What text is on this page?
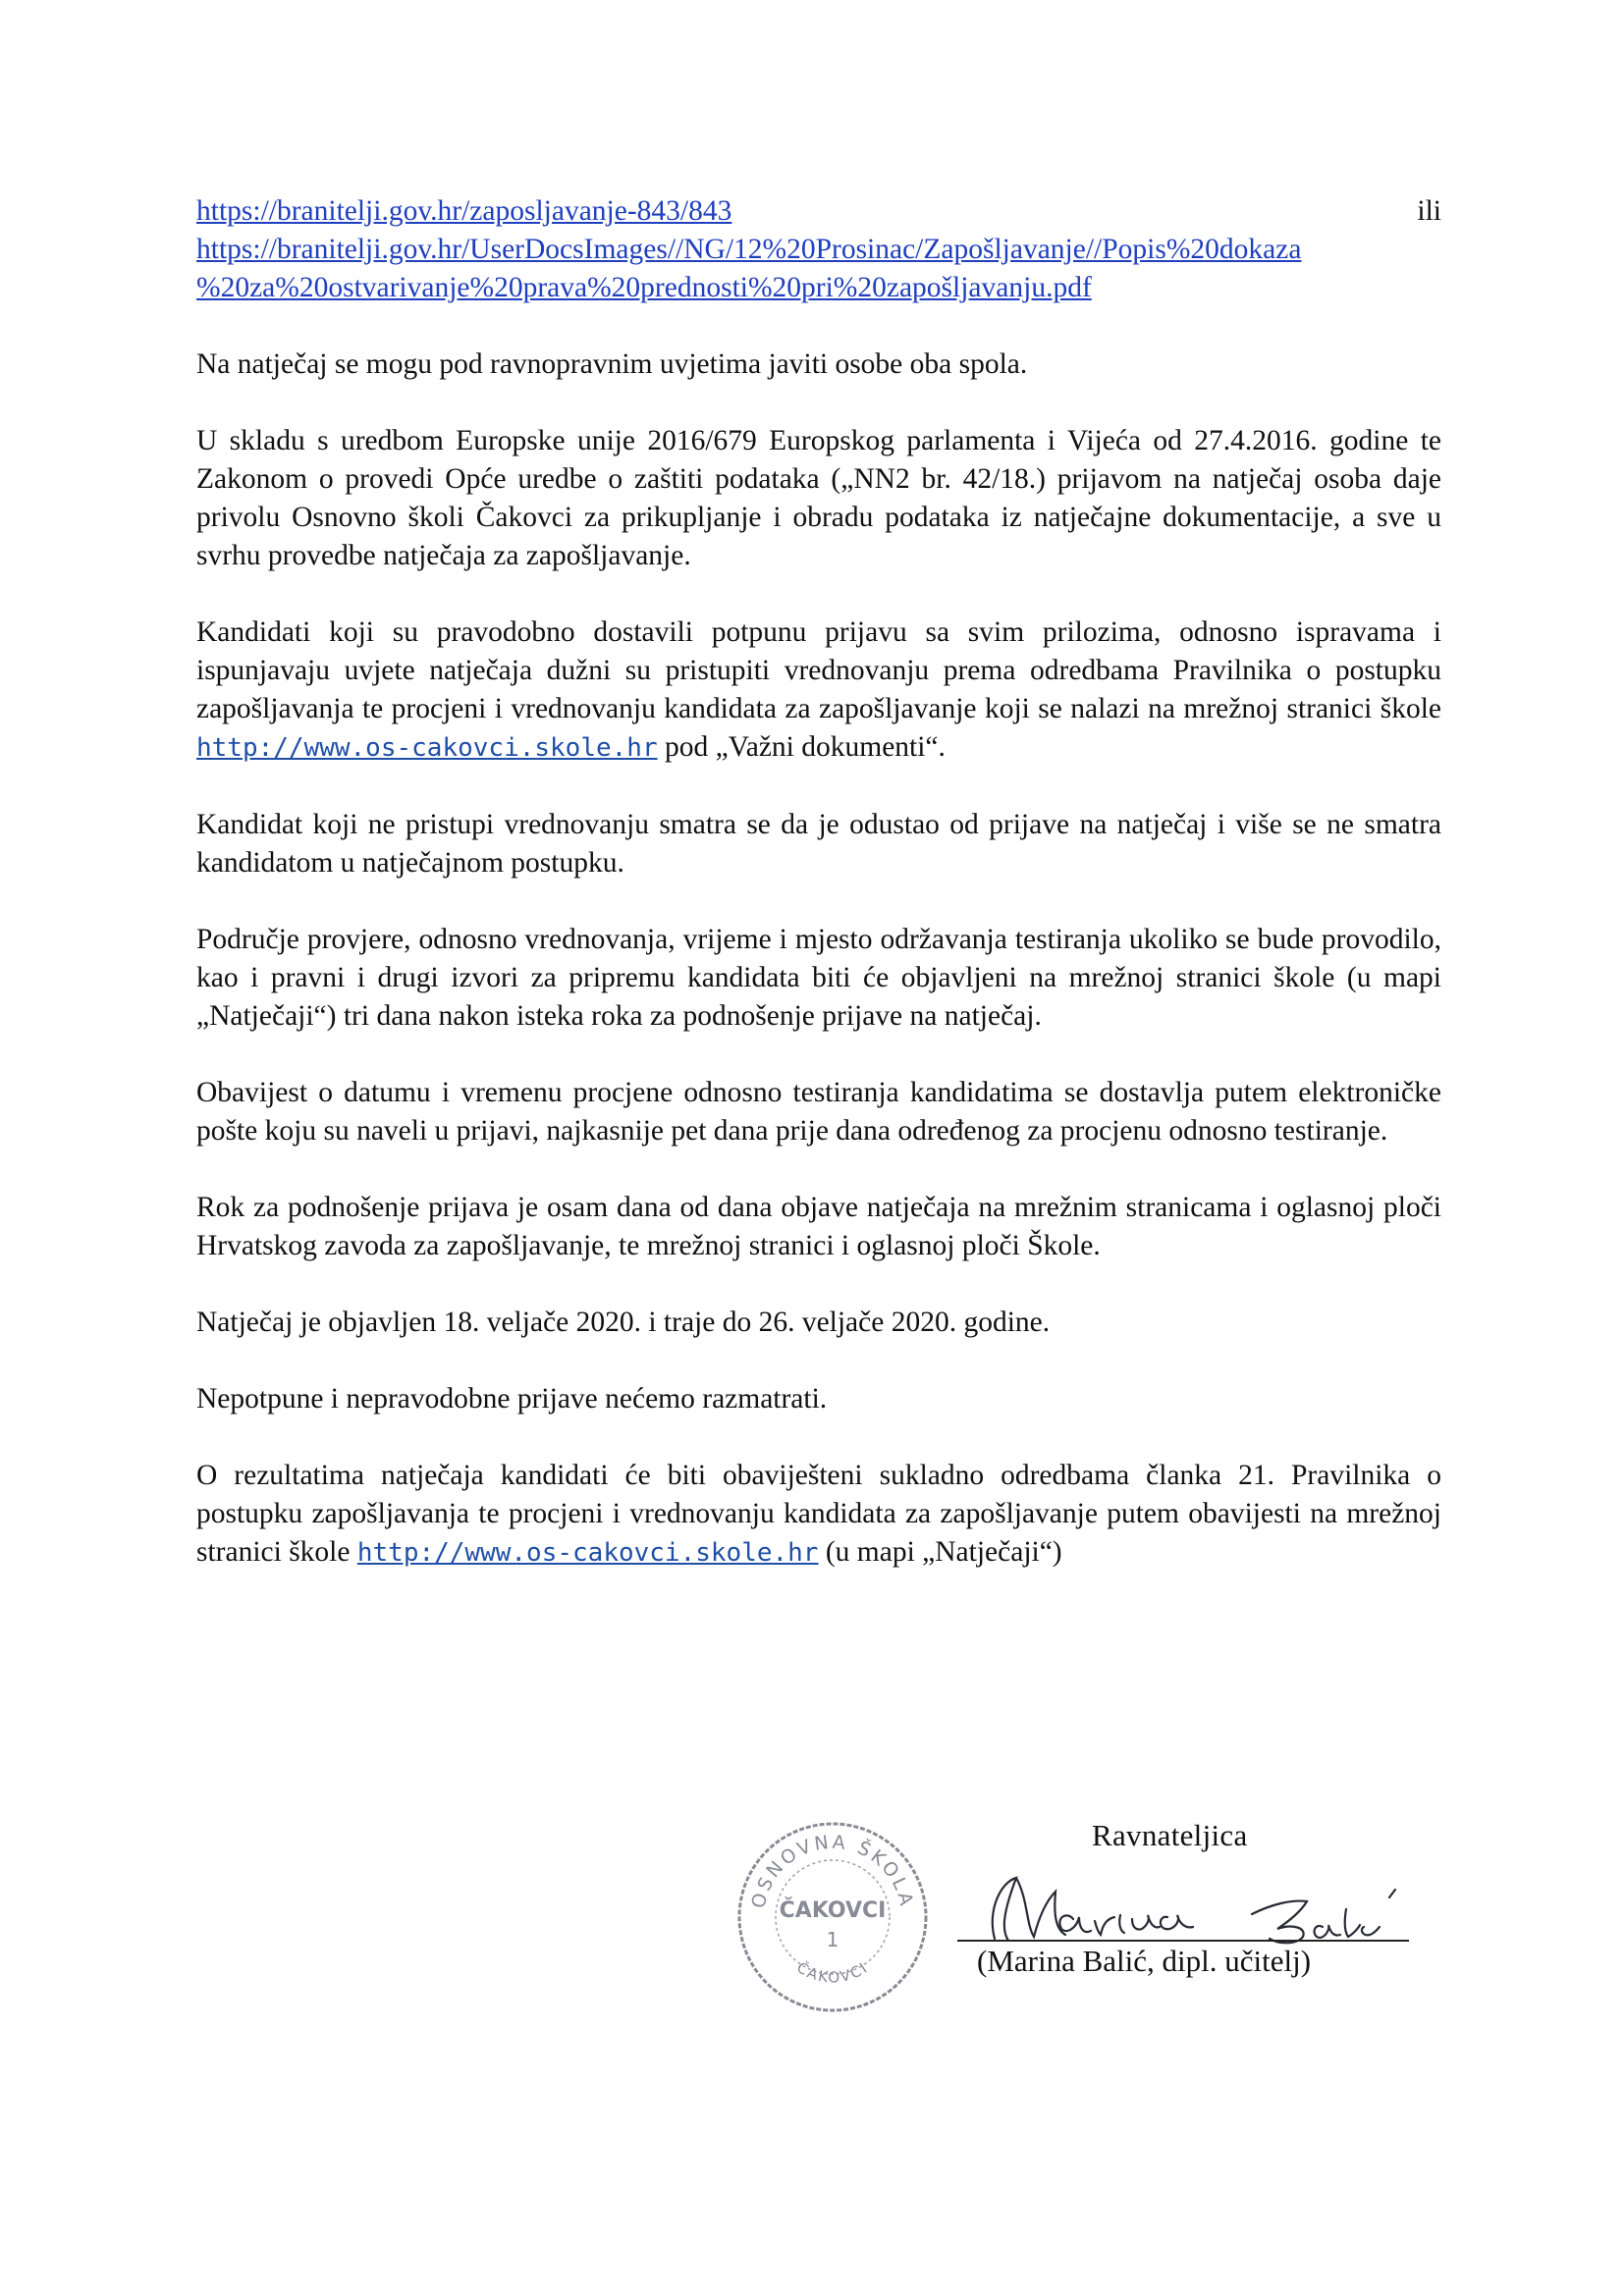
https://branitelji.gov.hr/zaposljavanje-843/843	ili
https://branitelji.gov.hr/UserDocsImages//NG/12%20Prosinac/Zapošljavanje//Popis%20dokaza
%20za%20ostvarivanje%20prava%20prednosti%20pri%20zapošljavanju.pdf

Na natječaj se mogu pod ravnopravnim uvjetima javiti osobe oba spola.

U skladu s uredbom Europske unije 2016/679 Europskog parlamenta i Vijeća od 27.4.2016. godine te Zakonom o provedi Opće uredbe o zaštiti podataka („NN2 br. 42/18.) prijavom na natječaj osoba daje privolu Osnovno školi Čakovci za prikupljanje i obradu podataka iz natječajne dokumentacije, a sve u svrhu provedbe natječaja za zapošljavanje.

Kandidati koji su pravodobno dostavili potpunu prijavu sa svim prilozima, odnosno ispravama i ispunjavaju uvjete natječaja dužni su pristupiti vrednovanju prema odredbama Pravilnika o postupku zapošljavanja te procjeni i vrednovanju kandidata za zapošljavanje koji se nalazi na mrežnoj stranici škole http://www.os-cakovci.skole.hr pod „Važni dokumenti“.

Kandidat koji ne pristupi vrednovanju smatra se da je odustao od prijave na natječaj i više se ne smatra kandidatom u natječajnom postupku.

Područje provjere, odnosno vrednovanja, vrijeme i mjesto održavanja testiranja ukoliko se bude provodilo, kao i pravni i drugi izvori za pripremu kandidata biti će objavljeni na mrežnoj stranici škole (u mapi „Natječaji“) tri dana nakon isteka roka za podnošenje prijave na natječaj.

Obavijest o datumu i vremenu procjene odnosno testiranja kandidatima se dostavlja putem elektroničke pošte koju su naveli u prijavi, najkasnije pet dana prije dana određenog za procjenu odnosno testiranje.

Rok za podnošenje prijava je osam dana od dana objave natječaja na mrežnim stranicama i oglasnoj ploči Hrvatskog zavoda za zapošljavanje, te mrežnoj stranici i oglasnoj ploči Škole.

Natječaj je objavljen 18. veljače 2020. i traje do 26. veljače 2020. godine.

Nepotpune i nepravodobne prijave nećemo razmatrati.

O rezultatima natječaja kandidati će biti obaviješteni sukladno odredbama članka 21. Pravilnika o postupku zapošljavanja te procjeni i vrednovanju kandidata za zapošljavanje putem obavijesti na mrežnoj stranici škole http://www.os-cakovci.skole.hr (u mapi „Natječaji“)

OSNOVNA ŠKOLA
ČAKOVCI
1
ČAKOVCI
Ravnateljica
(Marina Balić, dipl. učitelj)
